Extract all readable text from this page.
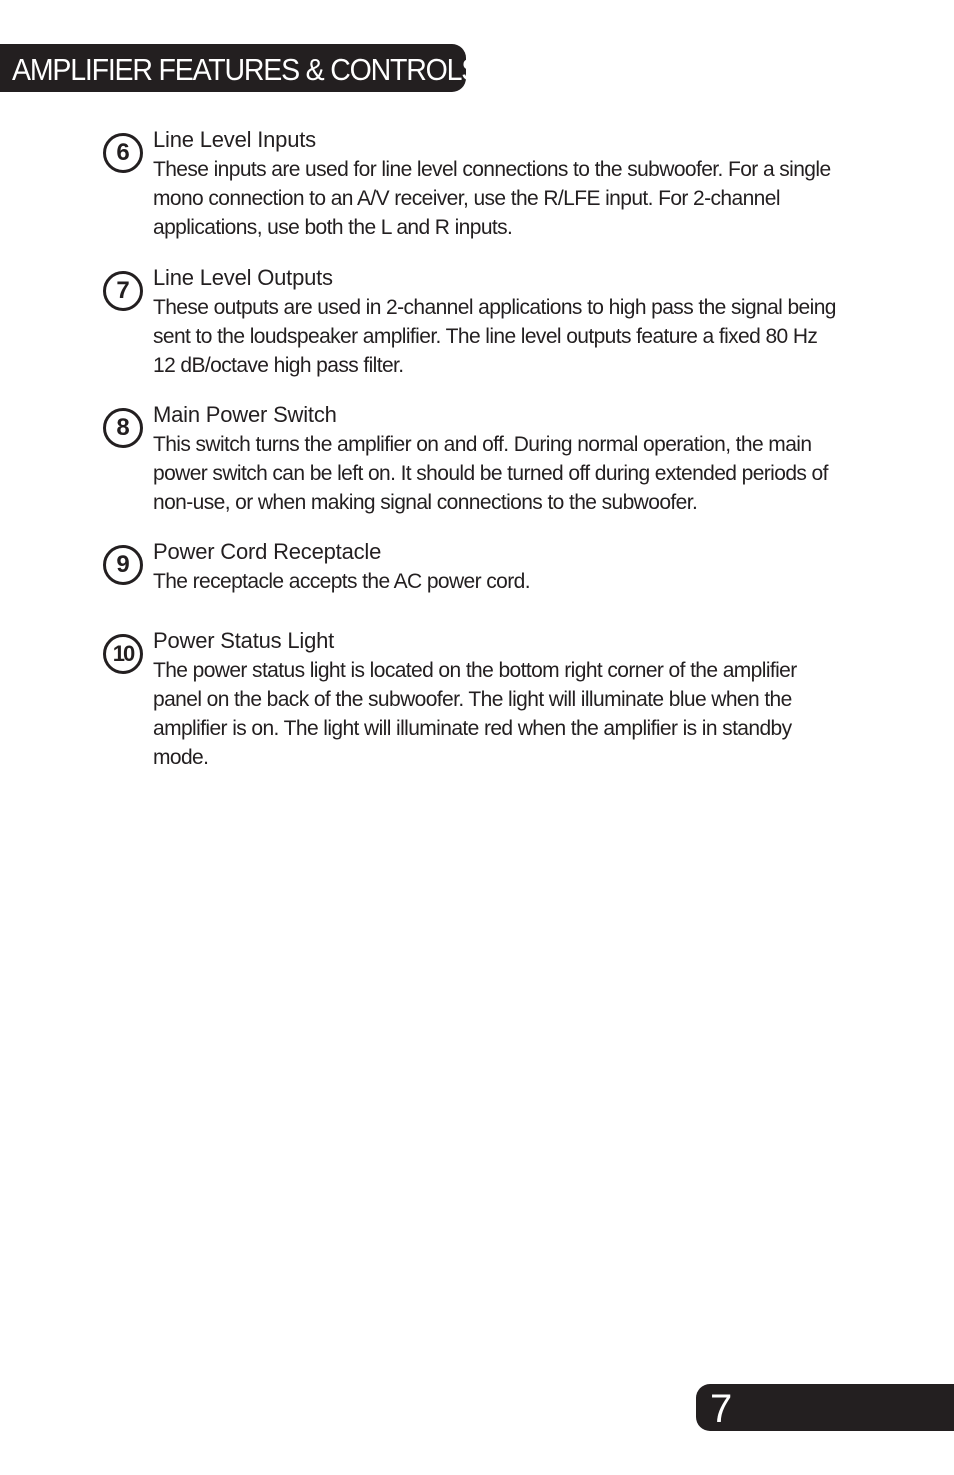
AMPLIFIER FEATURES & CONTROLS
6	Line Level Inputs

These inputs are used for line level connections to the subwoofer. For a single
mono connection to an A/V receiver, use the R/LFE input. For 2-channel
applications, use both the L and R inputs.

7	Line Level Outputs

These outputs are used in 2-channel applications to high pass the signal being
sent to the loudspeaker amplifier. The line level outputs feature a fixed 80 Hz
12 dB/octave high pass filter.

8	Main Power Switch

This switch turns the amplifier on and off. During normal operation, the main
power switch can be left on. It should be turned off during extended periods of
non-use, or when making signal connections to the subwoofer.

9	Power Cord Receptacle

The receptacle accepts the AC power cord.

10
Power Status Light

The power status light is located on the bottom right corner of the amplifier
panel on the back of the subwoofer. The light will illuminate blue when the
amplifier is on. The light will illuminate red when the amplifier is in standby
mode.

7
